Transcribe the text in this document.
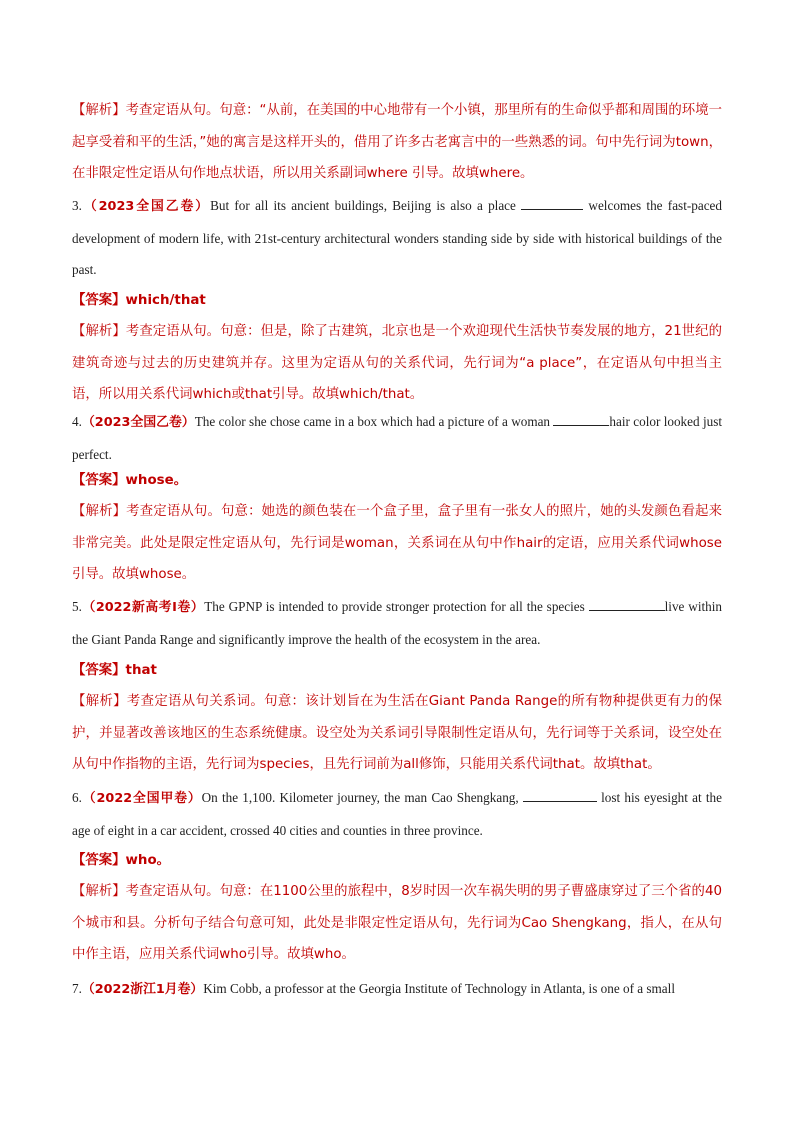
【解析】考查定语从句。句意：“从前，在美国的中心地带有一个小镇，那里所有的生命似乎都和周围的环境一起享受着和平的生活，”她的寓言是这样开头的，借用了许多古老寓言中的一些熟悉的词。句中先行词为town，在非限定性定语从句作地点状语，所以用关系副词where 引导。故填where。

3.（2023全国乙卷）But for all its ancient buildings, Beijing is also a place	welcomes the fast-paced development of modern life, with 21st-century architectural wonders standing side by side with historical buildings of the past.

【答案】which/that

【解析】考查定语从句。句意：但是，除了古建筑，北京也是一个欢迎现代生活快节奏发展的地方，21世纪的建筑奇迹与过去的历史建筑并存。这里为定语从句的关系代词，先行词为“a place”，在定语从句中担当主语，所以用关系代词which或that引导。故填which/that。

4.（2023全国乙卷）The color she chose came in a box which had a picture of a woman	hair color looked just perfect.

【答案】whose。

【解析】考查定语从句。句意：她选的颜色装在一个盒子里，盒子里有一张女人的照片，她的头发颜色看起来非常完美。此处是限定性定语从句，先行词是woman，关系词在从句中作hair的定语，应用关系代词whose引导。故填whose。

5.（2022新高考I卷）The GPNP is intended to provide stronger protection for all the species	live within the Giant Panda Range and significantly improve the health of the ecosystem in the area.

【答案】that

【解析】考查定语从句关系词。句意：该计划旨在为生活在Giant Panda Range的所有物种提供更有力的保护，并显著改善该地区的生态系统健康。设空处为关系词引导限制性定语从句，先行词等于关系词，设空处在从句中作指物的主语，先行词为species，且先行词前为all修饰，只能用关系代词that。故填that。

6.（2022全国甲卷）On the 1,100. Kilometer journey, the man Cao Shengkang,	lost his eyesight at the age of eight in a car accident, crossed 40 cities and counties in three province.

【答案】who。

【解析】考查定语从句。句意：在1100公里的旅程中，8岁时因一次车祸失明的男子曹盛康穿过了三个省的40个城市和县。分析句子结合句意可知，此处是非限定性定语从句，先行词为Cao Shengkang，指人，在从句中作主语，应用关系代词who引导。故填who。

7.（2022浙江1月卷）Kim Cobb, a professor at the Georgia Institute of Technology in Atlanta, is one of a small
